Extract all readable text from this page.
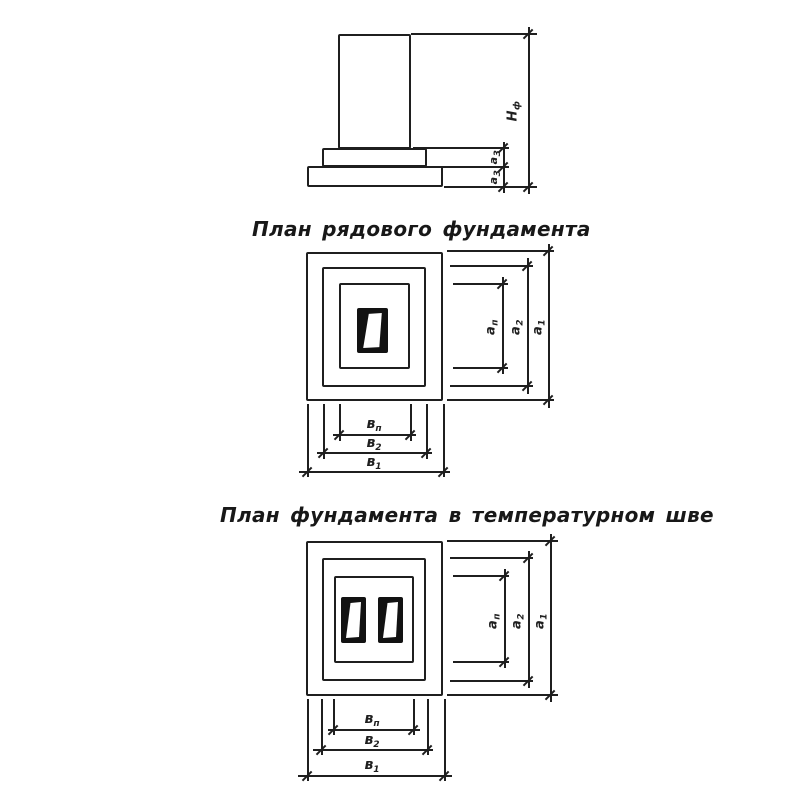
$Н_ф$
$а_3$
$а_3$
План рядового фундамента
$а_п$
$а_2$
$а_1$
$в_п$
$в_2$
$в_1$
План фундамента в температурном шве
$а_п$
$а_2$
$а_1$
$в_п$
$в_2$
$в_1$
